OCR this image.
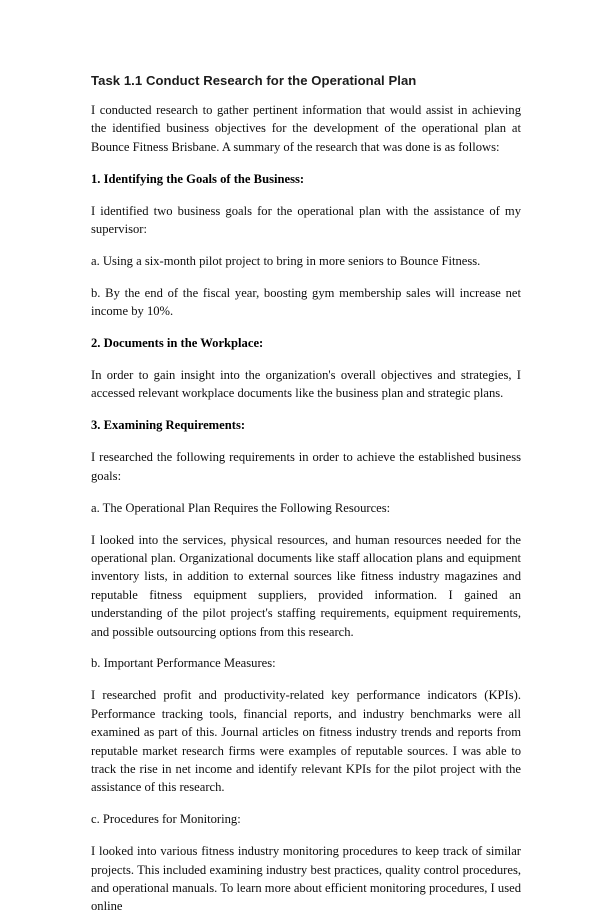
Task 1.1 Conduct Research for the Operational Plan

I conducted research to gather pertinent information that would assist in achieving the identified business objectives for the development of the operational plan at Bounce Fitness Brisbane. A summary of the research that was done is as follows:

1. Identifying the Goals of the Business:

I identified two business goals for the operational plan with the assistance of my supervisor:

a. Using a six-month pilot project to bring in more seniors to Bounce Fitness.

b. By the end of the fiscal year, boosting gym membership sales will increase net income by 10%.

2. Documents in the Workplace:

In order to gain insight into the organization's overall objectives and strategies, I accessed relevant workplace documents like the business plan and strategic plans.

3. Examining Requirements:

I researched the following requirements in order to achieve the established business goals:

a. The Operational Plan Requires the Following Resources:

I looked into the services, physical resources, and human resources needed for the operational plan. Organizational documents like staff allocation plans and equipment inventory lists, in addition to external sources like fitness industry magazines and reputable fitness equipment suppliers, provided information. I gained an understanding of the pilot project's staffing requirements, equipment requirements, and possible outsourcing options from this research.

b. Important Performance Measures:

I researched profit and productivity-related key performance indicators (KPIs). Performance tracking tools, financial reports, and industry benchmarks were all examined as part of this. Journal articles on fitness industry trends and reports from reputable market research firms were examples of reputable sources. I was able to track the rise in net income and identify relevant KPIs for the pilot project with the assistance of this research.

c. Procedures for Monitoring:

I looked into various fitness industry monitoring procedures to keep track of similar projects. This included examining industry best practices, quality control procedures, and operational manuals. To learn more about efficient monitoring procedures, I used online
